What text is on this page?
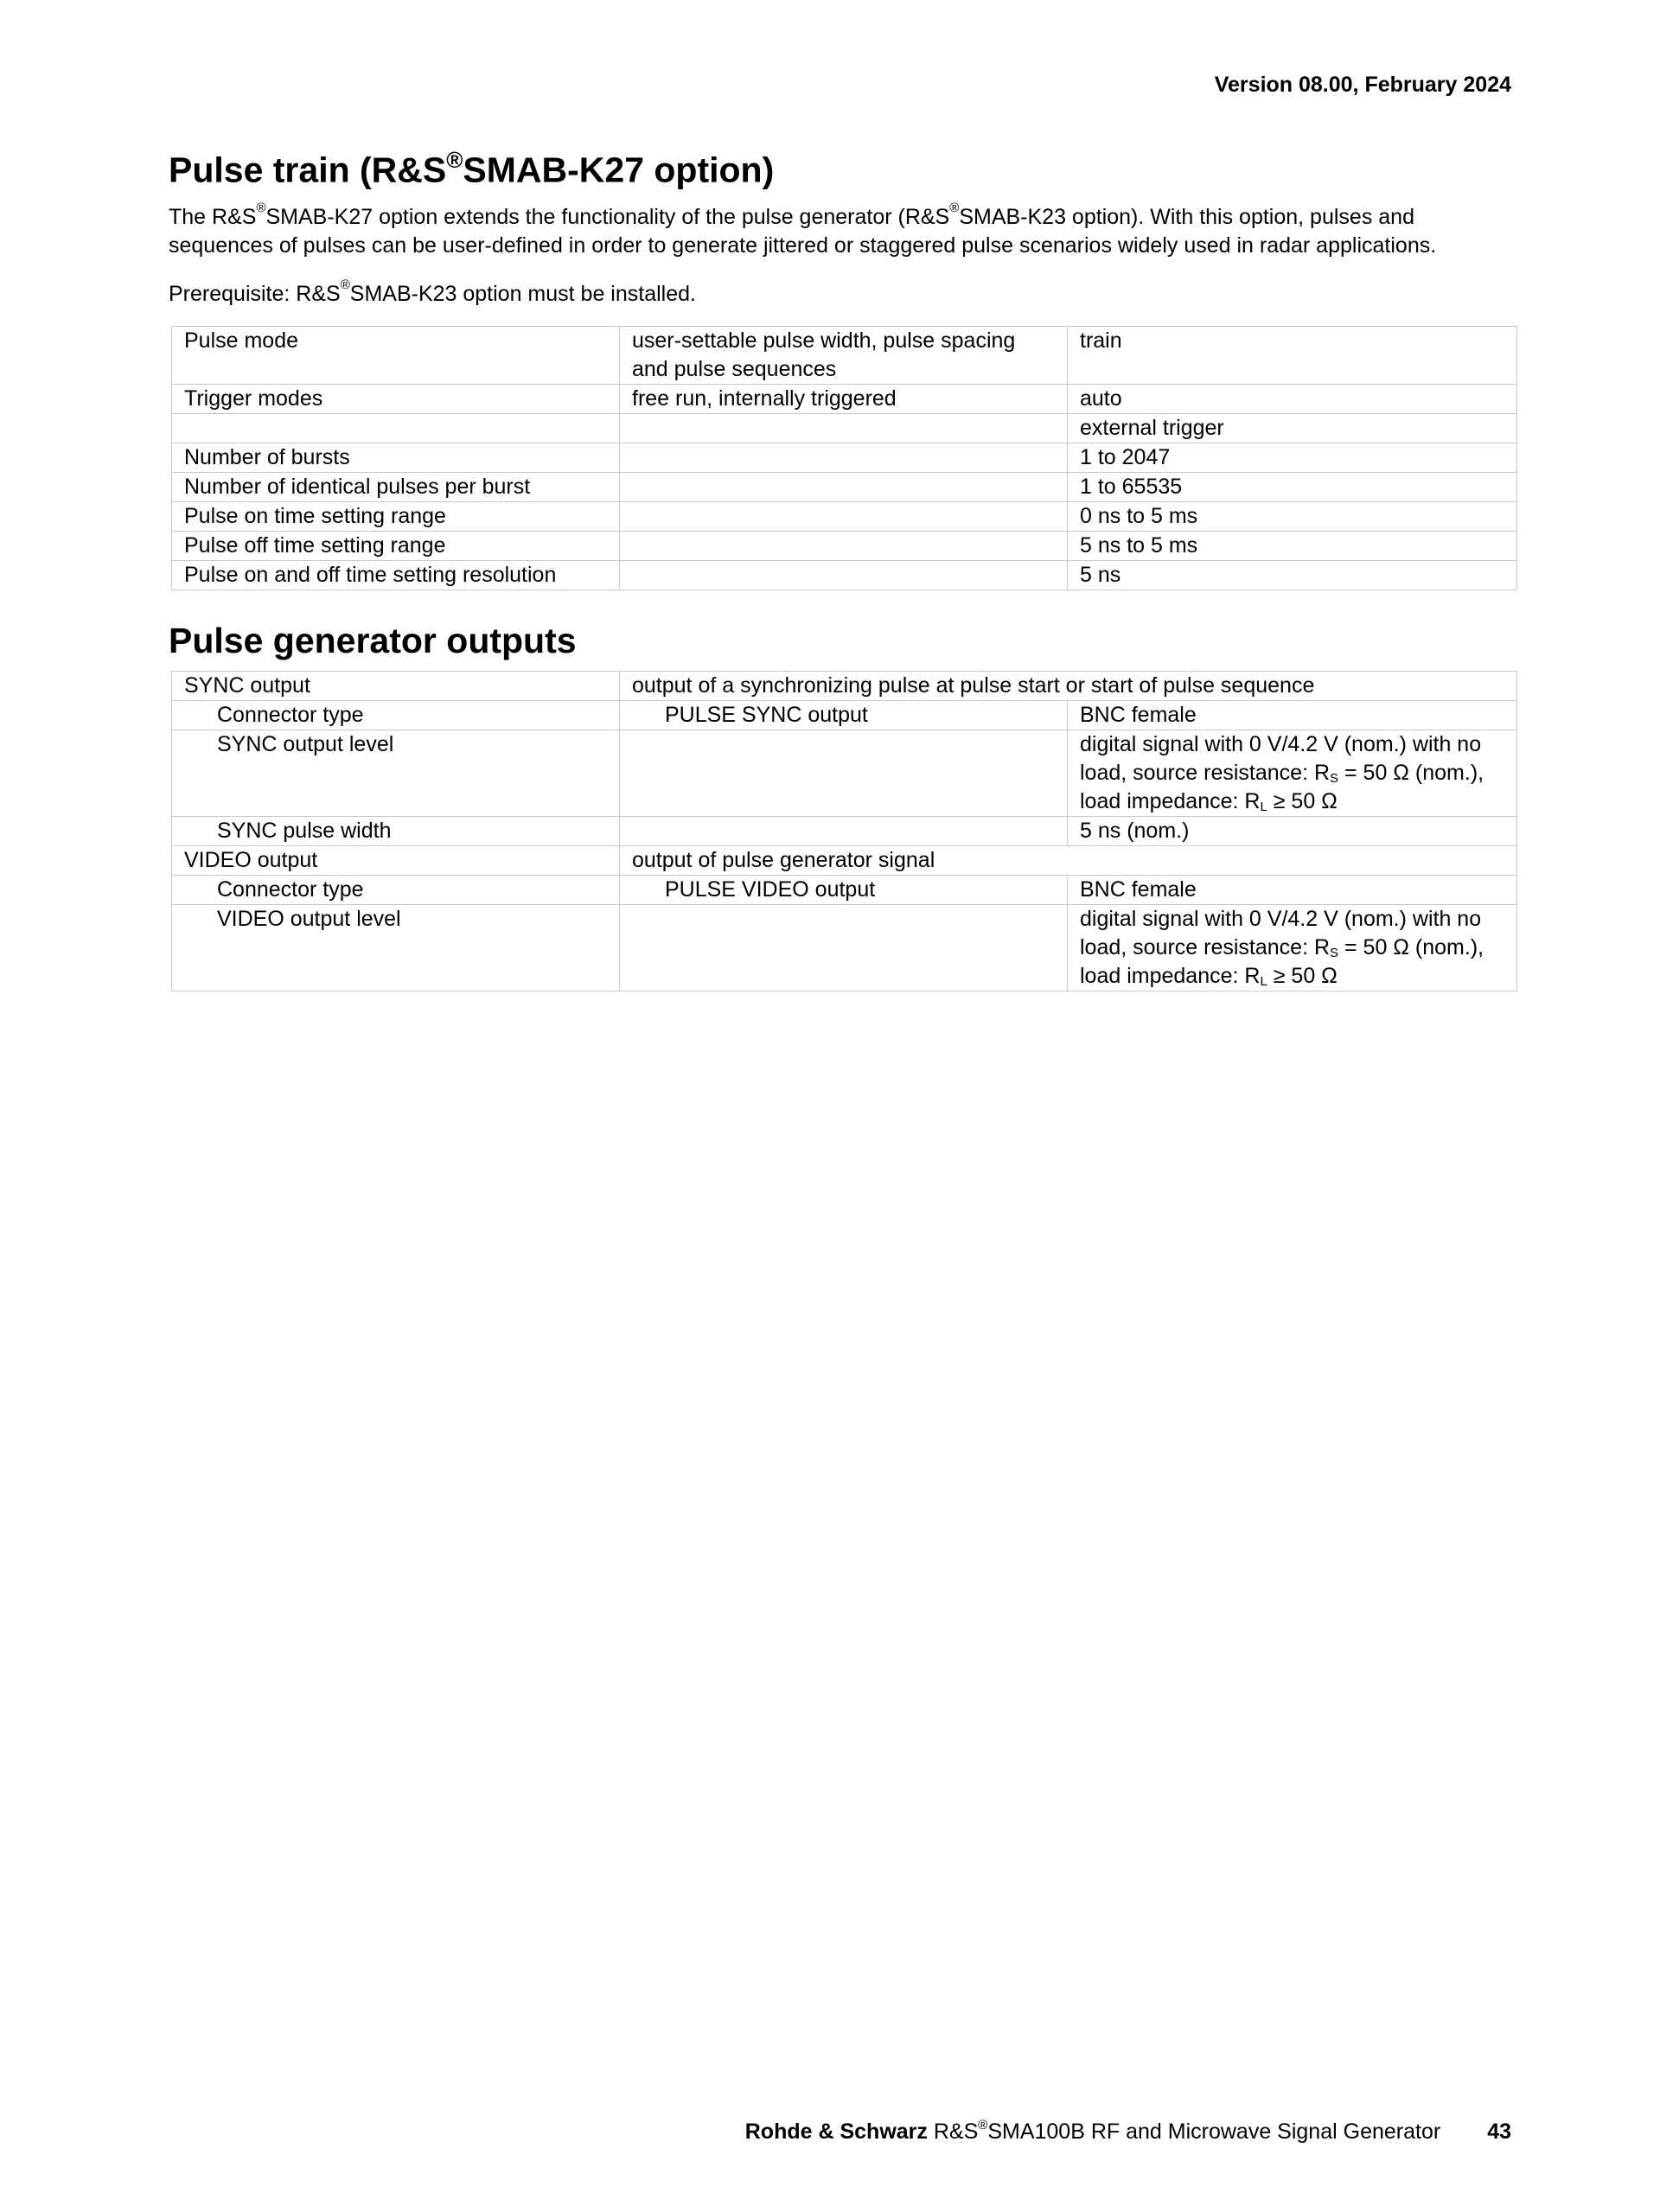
Version 08.00, February 2024
Pulse train (R&S®SMAB-K27 option)

The R&S®SMAB-K27 option extends the functionality of the pulse generator (R&S®SMAB-K23 option). With this option, pulses and sequences of pulses can be user-defined in order to generate jittered or staggered pulse scenarios widely used in radar applications.

Prerequisite: R&S®SMAB-K23 option must be installed.

Pulse mode	user-settable pulse width, pulse spacing and pulse sequences	train
Trigger modes	free run, internally triggered	auto
		external trigger
Number of bursts		1 to 2047
Number of identical pulses per burst		1 to 65535
Pulse on time setting range		0 ns to 5 ms
Pulse off time setting range		5 ns to 5 ms
Pulse on and off time setting resolution		5 ns
Pulse generator outputs
SYNC output	output of a synchronizing pulse at pulse start or start of pulse sequence	
Connector type	PULSE SYNC output	BNC female
SYNC output level		digital signal with 0 V/4.2 V (nom.) with no load, source resistance: $R_S = 50$ Ω (nom.), load impedance: $R_L \ge 50$ Ω
SYNC pulse width		5 ns (nom.)
VIDEO output	output of pulse generator signal	
Connector type	PULSE VIDEO output	BNC female
VIDEO output level		digital signal with 0 V/4.2 V (nom.) with no load, source resistance: $R_S = 50$ Ω (nom.), load impedance: $R_L \ge 50$ Ω
Rohde & Schwarz R&S®SMA100B RF and Microwave Signal Generator 43
